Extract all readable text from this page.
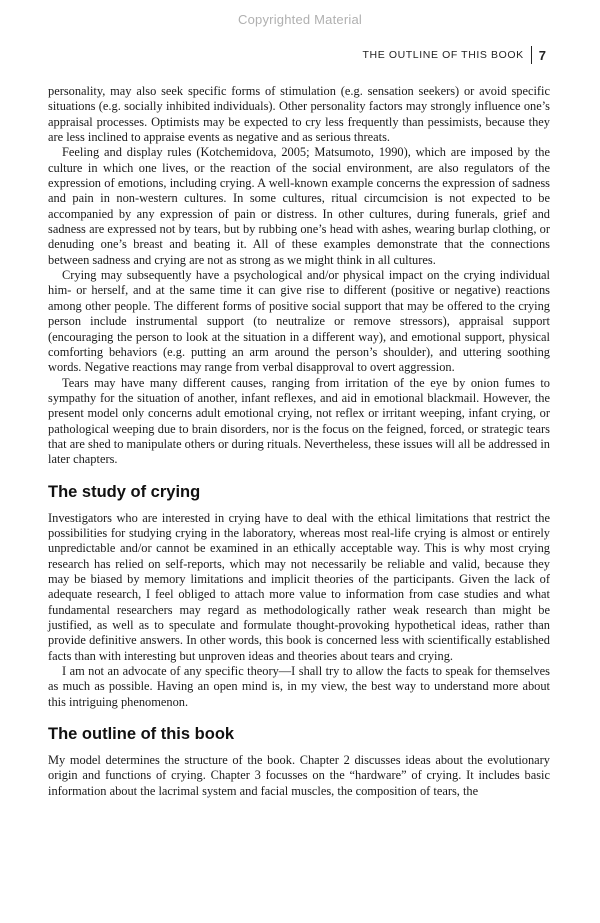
Copyrighted Material
THE OUTLINE OF THIS BOOK 7

personality, may also seek specific forms of stimulation (e.g. sensation seekers) or avoid specific situations (e.g. socially inhibited individuals). Other personality factors may strongly influence one’s appraisal processes. Optimists may be expected to cry less frequently than pessimists, because they are less inclined to appraise events as negative and as serious threats.

Feeling and display rules (Kotchemidova, 2005; Matsumoto, 1990), which are imposed by the culture in which one lives, or the reaction of the social environment, are also regulators of the expression of emotions, including crying. A well-known example concerns the expression of sadness and pain in non-western cultures. In some cultures, ritual circumcision is not expected to be accompanied by any expression of pain or distress. In other cultures, during funerals, grief and sadness are expressed not by tears, but by rubbing one’s head with ashes, wearing burlap clothing, or denuding one’s breast and beating it. All of these examples demonstrate that the connections between sadness and crying are not as strong as we might think in all cultures.

Crying may subsequently have a psychological and/or physical impact on the crying individual him- or herself, and at the same time it can give rise to different (positive or negative) reactions among other people. The different forms of positive social support that may be offered to the crying person include instrumental support (to neutralize or remove stressors), appraisal support (encouraging the person to look at the situation in a different way), and emotional support, physical comforting behaviors (e.g. putting an arm around the person’s shoulder), and uttering soothing words. Negative reactions may range from verbal disapproval to overt aggression.

Tears may have many different causes, ranging from irritation of the eye by onion fumes to sympathy for the situation of another, infant reflexes, and aid in emotional blackmail. However, the present model only concerns adult emotional crying, not reflex or irritant weeping, infant crying, or pathological weeping due to brain disorders, nor is the focus on the feigned, forced, or strategic tears that are shed to manipulate others or during rituals. Nevertheless, these issues will all be addressed in later chapters.

The study of crying

Investigators who are interested in crying have to deal with the ethical limitations that restrict the possibilities for studying crying in the laboratory, whereas most real-life crying is almost or entirely unpredictable and/or cannot be examined in an ethically acceptable way. This is why most crying research has relied on self-reports, which may not necessarily be reliable and valid, because they may be biased by memory limitations and implicit theories of the participants. Given the lack of adequate research, I feel obliged to attach more value to information from case studies and what fundamental researchers may regard as methodologically rather weak research than might be justified, as well as to speculate and formulate thought-provoking hypothetical ideas, rather than provide definitive answers. In other words, this book is concerned less with scientifically established facts than with interesting but unproven ideas and theories about tears and crying.

I am not an advocate of any specific theory—I shall try to allow the facts to speak for themselves as much as possible. Having an open mind is, in my view, the best way to understand more about this intriguing phenomenon.

The outline of this book

My model determines the structure of the book. Chapter 2 discusses ideas about the evolutionary origin and functions of crying. Chapter 3 focusses on the “hardware” of crying. It includes basic information about the lacrimal system and facial muscles, the composition of tears, the
